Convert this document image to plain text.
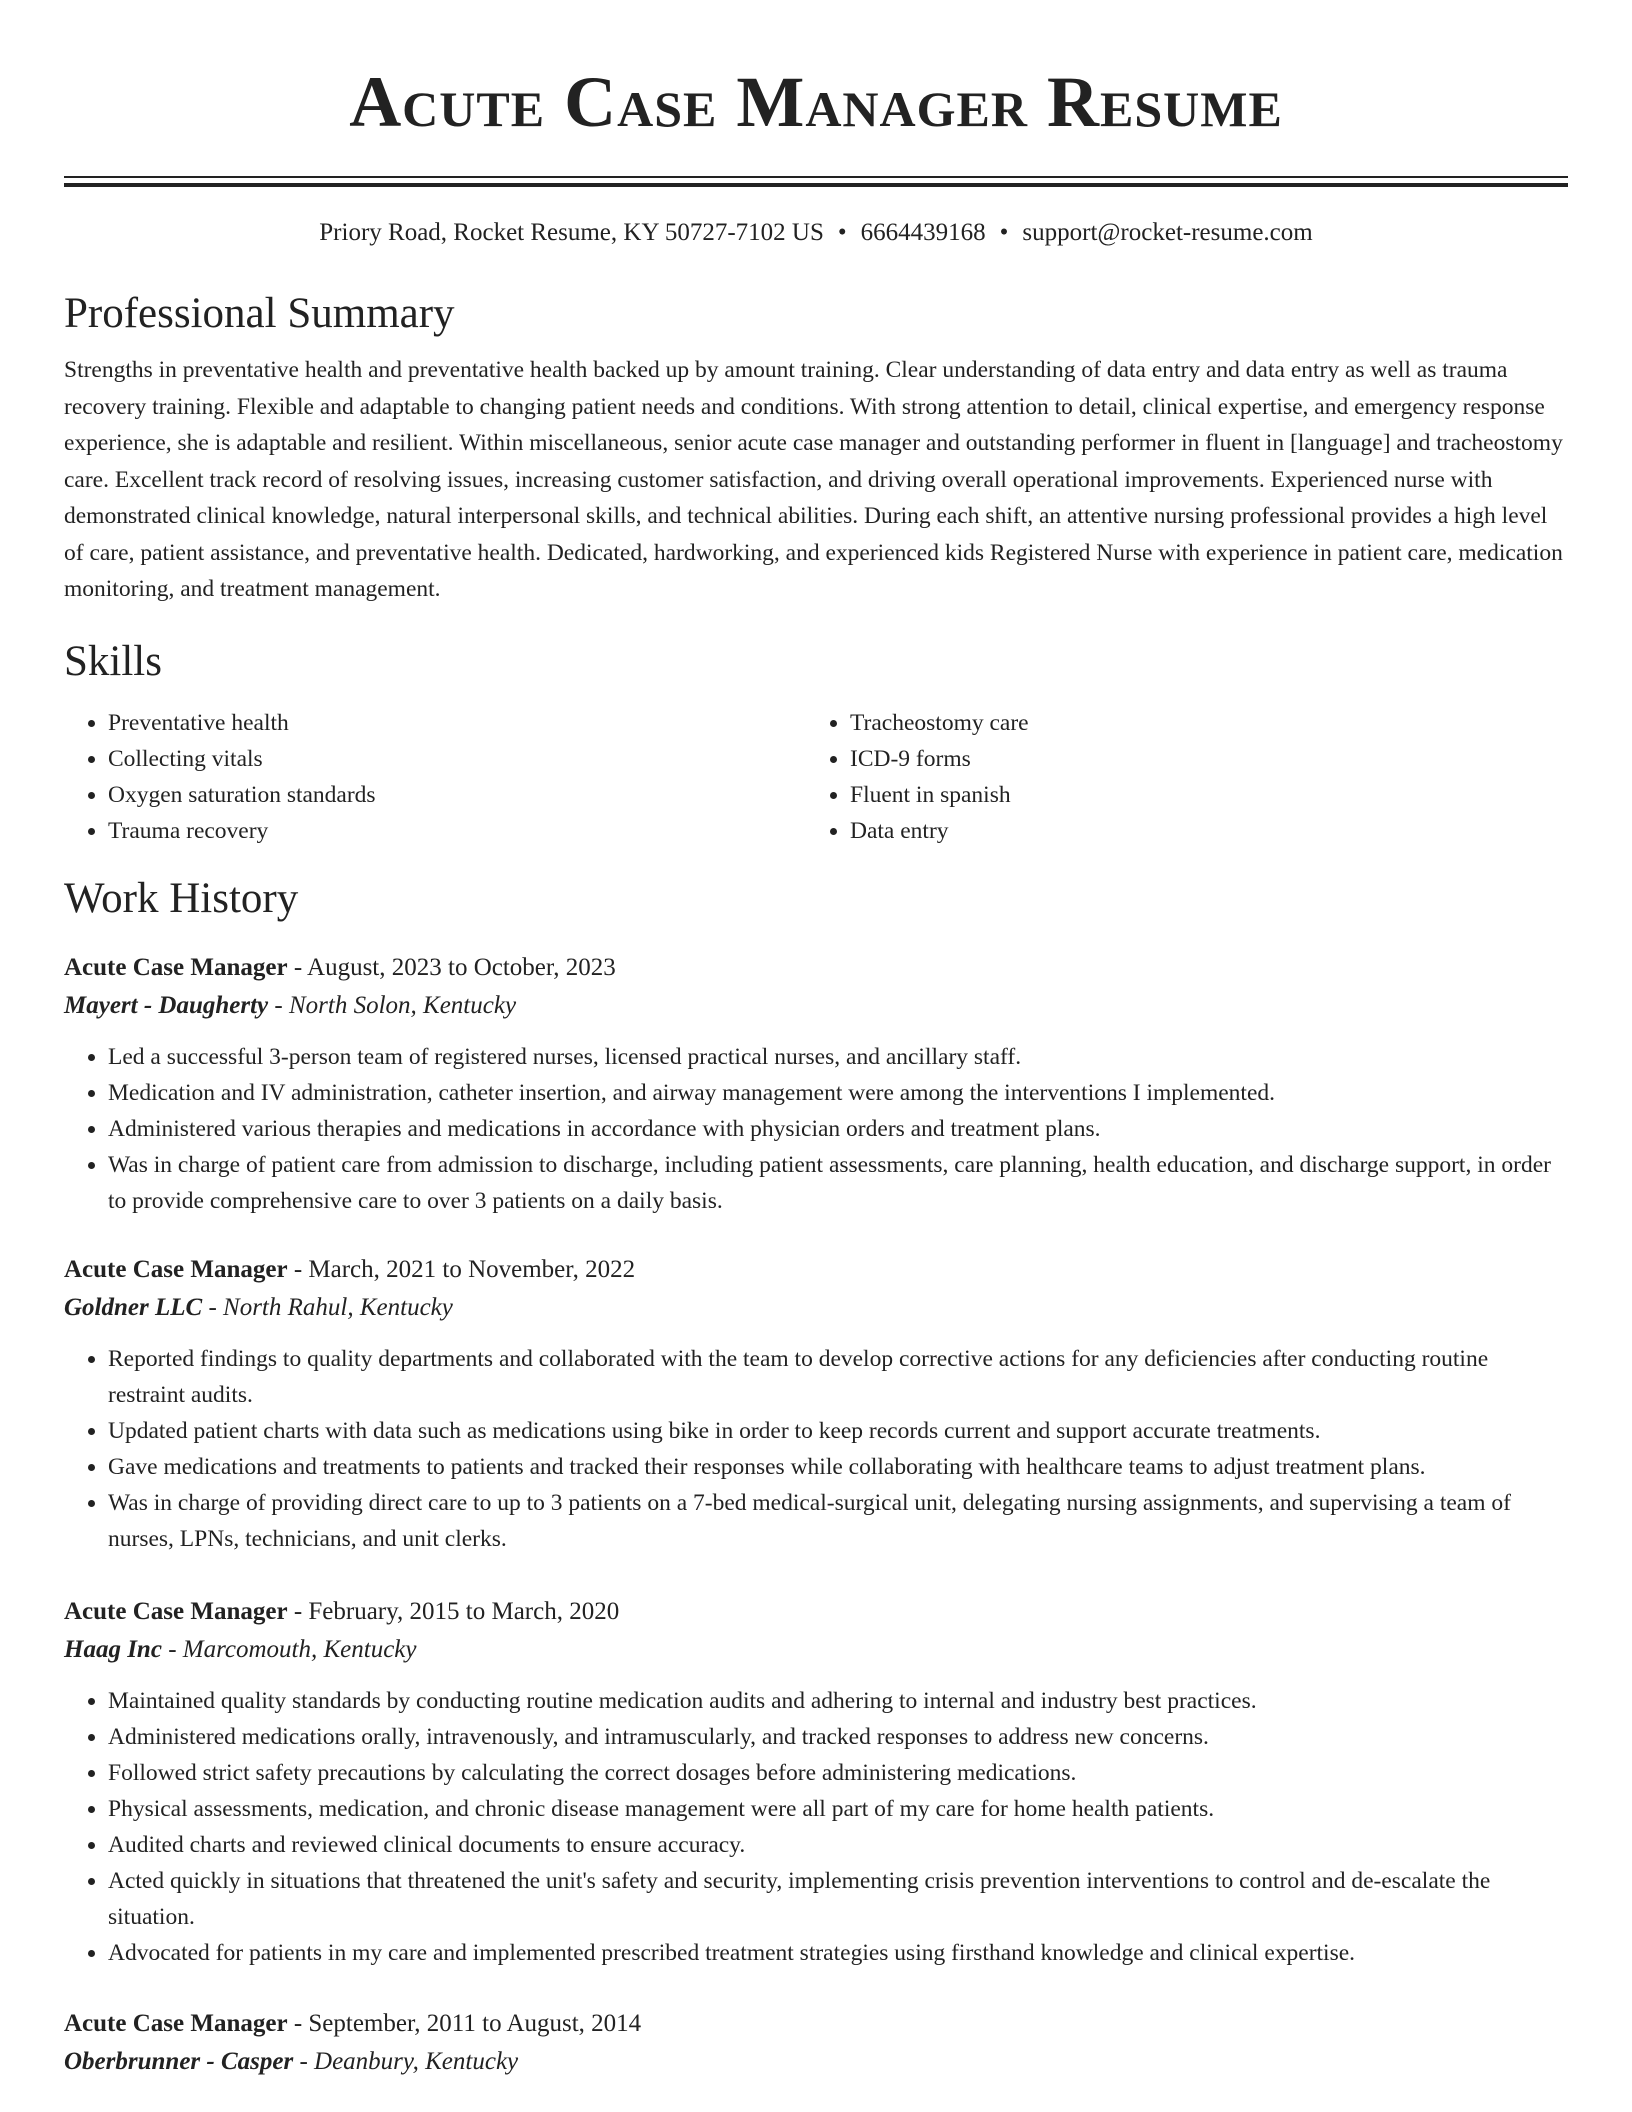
Acute Case Manager Resume
Priory Road, Rocket Resume, KY 50727-7102 US • 6664439168 • support@rocket-resume.com
Professional Summary

Strengths in preventative health and preventative health backed up by amount training. Clear understanding of data entry and data entry as well as trauma recovery training. Flexible and adaptable to changing patient needs and conditions. With strong attention to detail, clinical expertise, and emergency response experience, she is adaptable and resilient. Within miscellaneous, senior acute case manager and outstanding performer in fluent in [language] and tracheostomy care. Excellent track record of resolving issues, increasing customer satisfaction, and driving overall operational improvements. Experienced nurse with demonstrated clinical knowledge, natural interpersonal skills, and technical abilities. During each shift, an attentive nursing professional provides a high level of care, patient assistance, and preventative health. Dedicated, hardworking, and experienced kids Registered Nurse with experience in patient care, medication monitoring, and treatment management.

Skills
• Preventative health
• Collecting vitals
• Oxygen saturation standards
• Trauma recovery
• Tracheostomy care
• ICD-9 forms
• Fluent in spanish
• Data entry
Work History
Acute Case Manager - August, 2023 to October, 2023
Mayert - Daugherty - North Solon, Kentucky
• Led a successful 3-person team of registered nurses, licensed practical nurses, and ancillary staff.
• Medication and IV administration, catheter insertion, and airway management were among the interventions I implemented.
• Administered various therapies and medications in accordance with physician orders and treatment plans.
• Was in charge of patient care from admission to discharge, including patient assessments, care planning, health education, and discharge support, in order to provide comprehensive care to over 3 patients on a daily basis.
Acute Case Manager - March, 2021 to November, 2022
Goldner LLC - North Rahul, Kentucky
• Reported findings to quality departments and collaborated with the team to develop corrective actions for any deficiencies after conducting routine restraint audits.
• Updated patient charts with data such as medications using bike in order to keep records current and support accurate treatments.
• Gave medications and treatments to patients and tracked their responses while collaborating with healthcare teams to adjust treatment plans.
• Was in charge of providing direct care to up to 3 patients on a 7-bed medical-surgical unit, delegating nursing assignments, and supervising a team of nurses, LPNs, technicians, and unit clerks.
Acute Case Manager - February, 2015 to March, 2020
Haag Inc - Marcomouth, Kentucky
• Maintained quality standards by conducting routine medication audits and adhering to internal and industry best practices.
• Administered medications orally, intravenously, and intramuscularly, and tracked responses to address new concerns.
• Followed strict safety precautions by calculating the correct dosages before administering medications.
• Physical assessments, medication, and chronic disease management were all part of my care for home health patients.
• Audited charts and reviewed clinical documents to ensure accuracy.
• Acted quickly in situations that threatened the unit's safety and security, implementing crisis prevention interventions to control and de-escalate the situation.
• Advocated for patients in my care and implemented prescribed treatment strategies using firsthand knowledge and clinical expertise.
Acute Case Manager - September, 2011 to August, 2014
Oberbrunner - Casper - Deanbury, Kentucky
